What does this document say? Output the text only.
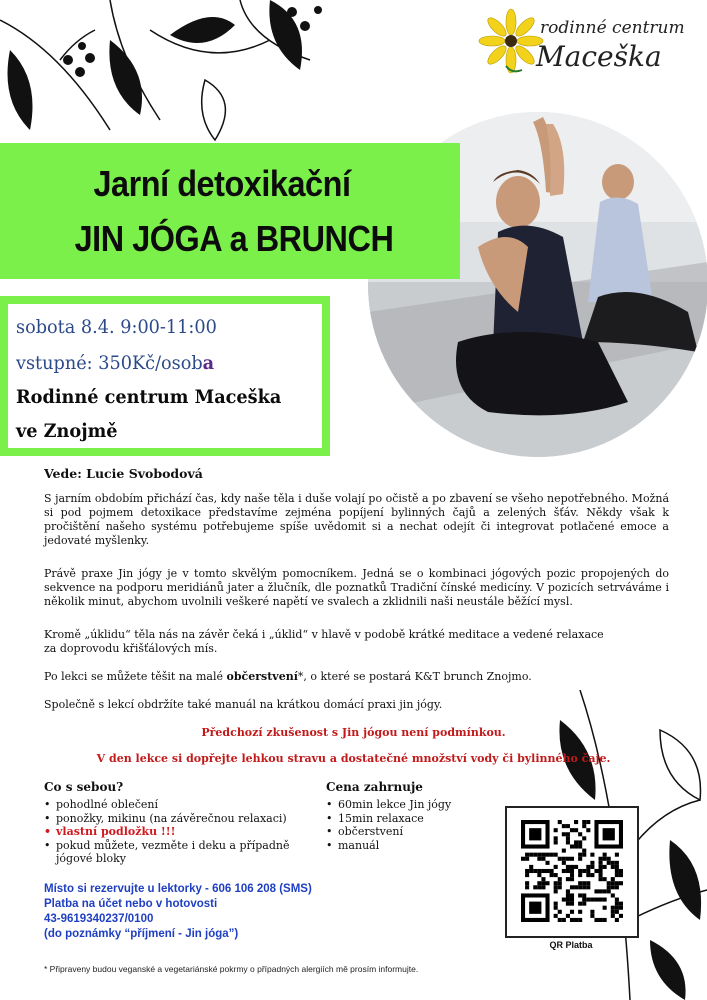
rodinné centrum
Maceška
Jarní detoxikační
JIN JÓGA a BRUNCH
sobota 8.4. 9:00-11:00
vstupné: 350Kč/osoba
Rodinné centrum Maceška
ve Znojmě
Vede: Lucie Svobodová
S jarním obdobím přichází čas, kdy naše těla i duše volají po očistě a po zbavení se všeho nepotřebného. Možná si pod pojmem detoxikace představíme zejména popíjení bylinných čajů a zelených šťáv. Někdy však k pročištění našeho systému potřebujeme spíše uvědomit si a nechat odejít či integrovat potlačené emoce a jedovaté myšlenky.
Právě praxe Jin jógy je v tomto skvělým pomocníkem. Jedná se o kombinaci jógových pozic propojených do sekvence na podporu meridiánů jater a žlučník, dle poznatků Tradiční čínské medicíny. V pozicích setrváváme i několik minut, abychom uvolnili veškeré napětí ve svalech a zklidnili naši neustále běžící mysl.
Kromě „úklidu“ těla nás na závěr čeká i „úklid“ v hlavě v podobě krátké meditace a vedené relaxace
za doprovodu křišťálových mís.
Po lekci se můžete těšit na malé občerstvení*, o které se postará K&T brunch Znojmo.
Společně s lekcí obdržíte také manuál na krátkou domácí praxi jin jógy.
Předchozí zkušenost s Jin jógou není podmínkou.
V den lekce si dopřejte lehkou stravu a dostatečné množství vody či bylinného čaje.
Co s sebou?
• pohodlné oblečení
• ponožky, mikinu (na závěrečnou relaxaci)
• vlastní podložku !!!
• pokud můžete, vezměte i deku a případně jógové bloky
Cena zahrnuje
• 60min lekce Jin jógy
• 15min relaxace
• občerstvení
• manuál
Místo si rezervujte u lektorky - 606 106 208 (SMS)
Platba na účet nebo v hotovosti
43-9619340237/0100
(do poznámky “příjmení - Jin jóga”)
QR Platba
* Připraveny budou veganské a vegetariánské pokrmy o případných alergiích mě prosím informujte.
